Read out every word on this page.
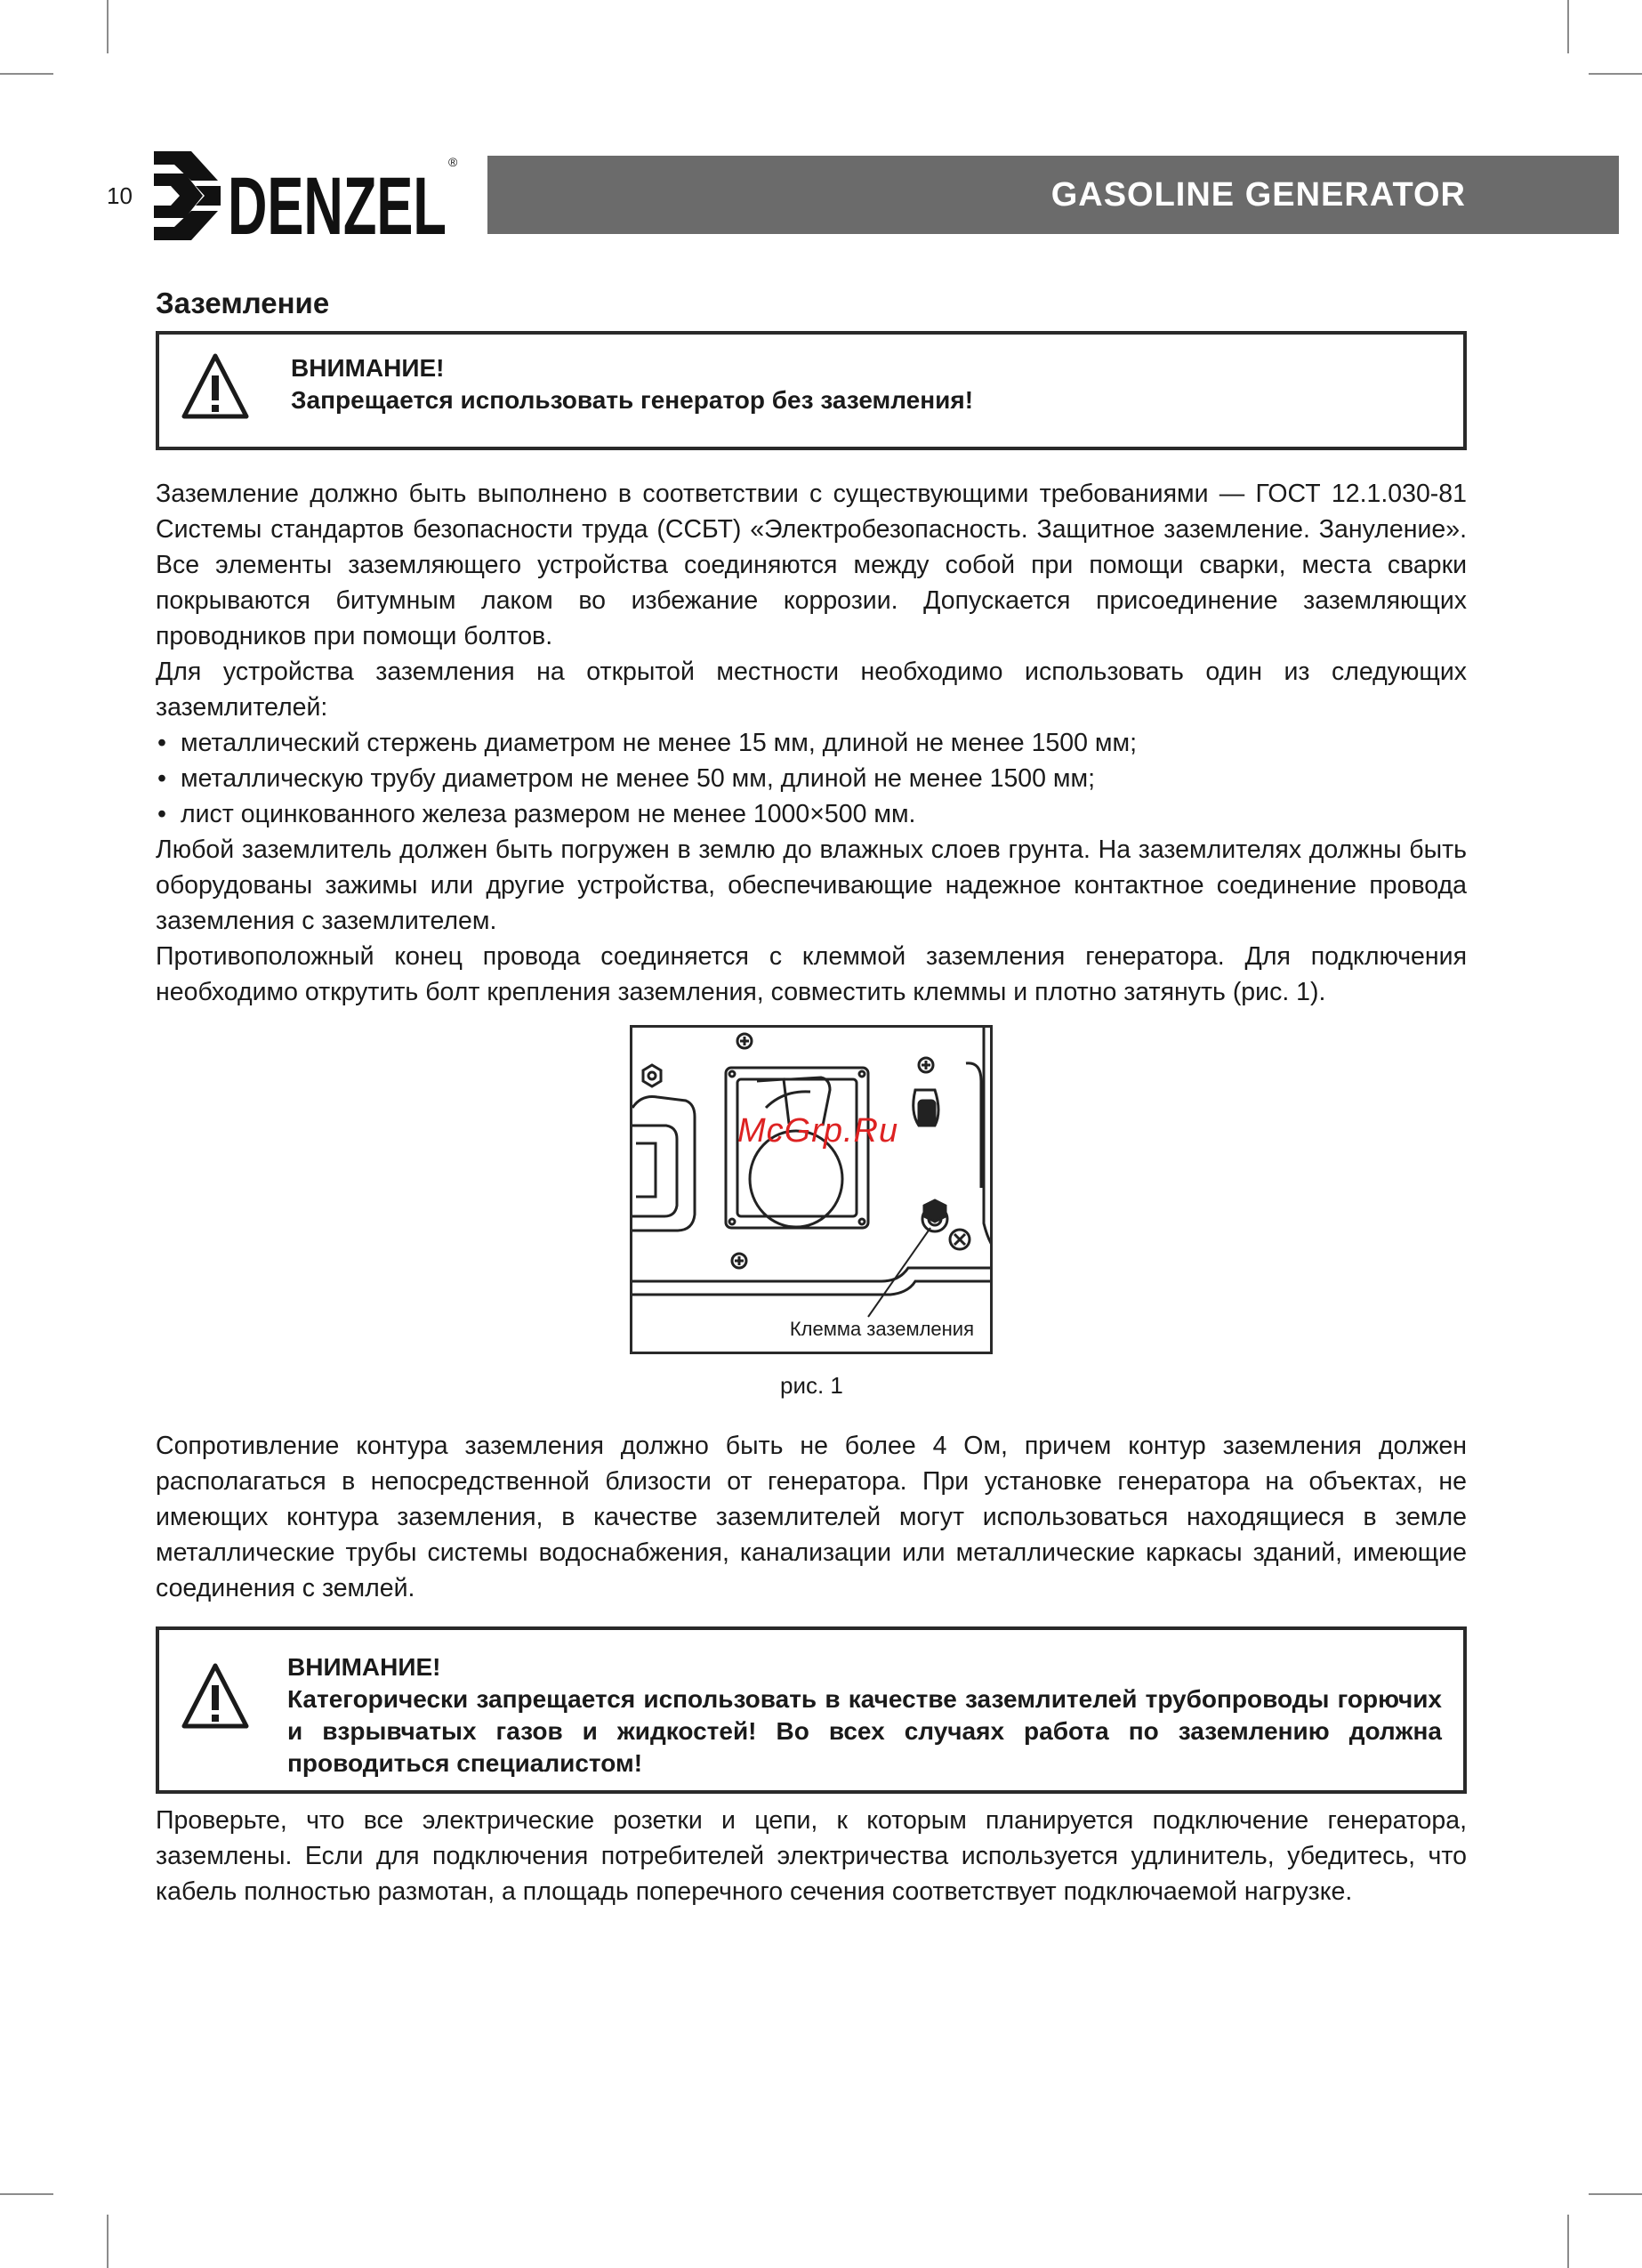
10 DENZEL ®
GASOLINE GENERATOR
Заземление

ВНИМАНИЕ!

Запрещается использовать генератор без заземления!

Заземление должно быть выполнено в соответствии с существующими требованиями — ГОСТ 12.1.030-81 Системы стандартов безопасности труда (ССБТ) «Электробезопасность. Защитное заземление. Зануление». Все элементы заземляющего устройства соединяются между собой при помощи сварки, места сварки покрываются битумным лаком во избежание коррозии. Допускается присоединение заземляющих проводников при помощи болтов.

Для устройства заземления на открытой местности необходимо использовать один из следующих заземлителей:

• металлический стержень диаметром не менее 15 мм, длиной не менее 1500 мм;
• металлическую трубу диаметром не менее 50 мм, длиной не менее 1500 мм;
• лист оцинкованного железа размером не менее 1000×500 мм.

Любой заземлитель должен быть погружен в землю до влажных слоев грунта. На заземлителях должны быть оборудованы зажимы или другие устройства, обеспечивающие надежное контактное соединение провода заземления с заземлителем.

Противоположный конец провода соединяется с клеммой заземления генератора. Для подключения необходимо открутить болт крепления заземления, совместить клеммы и плотно затянуть (рис. 1).

McGrp.Ru
Клемма заземления
рис. 1

Сопротивление контура заземления должно быть не более 4 Ом, причем контур заземления должен располагаться в непосредственной близости от генератора. При установке генератора на объектах, не имеющих контура заземления, в качестве заземлителей могут использоваться находящиеся в земле металлические трубы системы водоснабжения, канализации или металлические каркасы зданий, имеющие соединения с землей.

ВНИМАНИЕ!

Категорически запрещается использовать в качестве заземлителей трубопроводы горючих и взрывчатых газов и жидкостей! Во всех случаях работа по заземлению должна проводиться специалистом!

Проверьте, что все электрические розетки и цепи, к которым планируется подключение генератора, заземлены. Если для подключения потребителей электричества используется удлинитель, убедитесь, что кабель полностью размотан, а площадь поперечного сечения соответствует подключаемой нагрузке.
